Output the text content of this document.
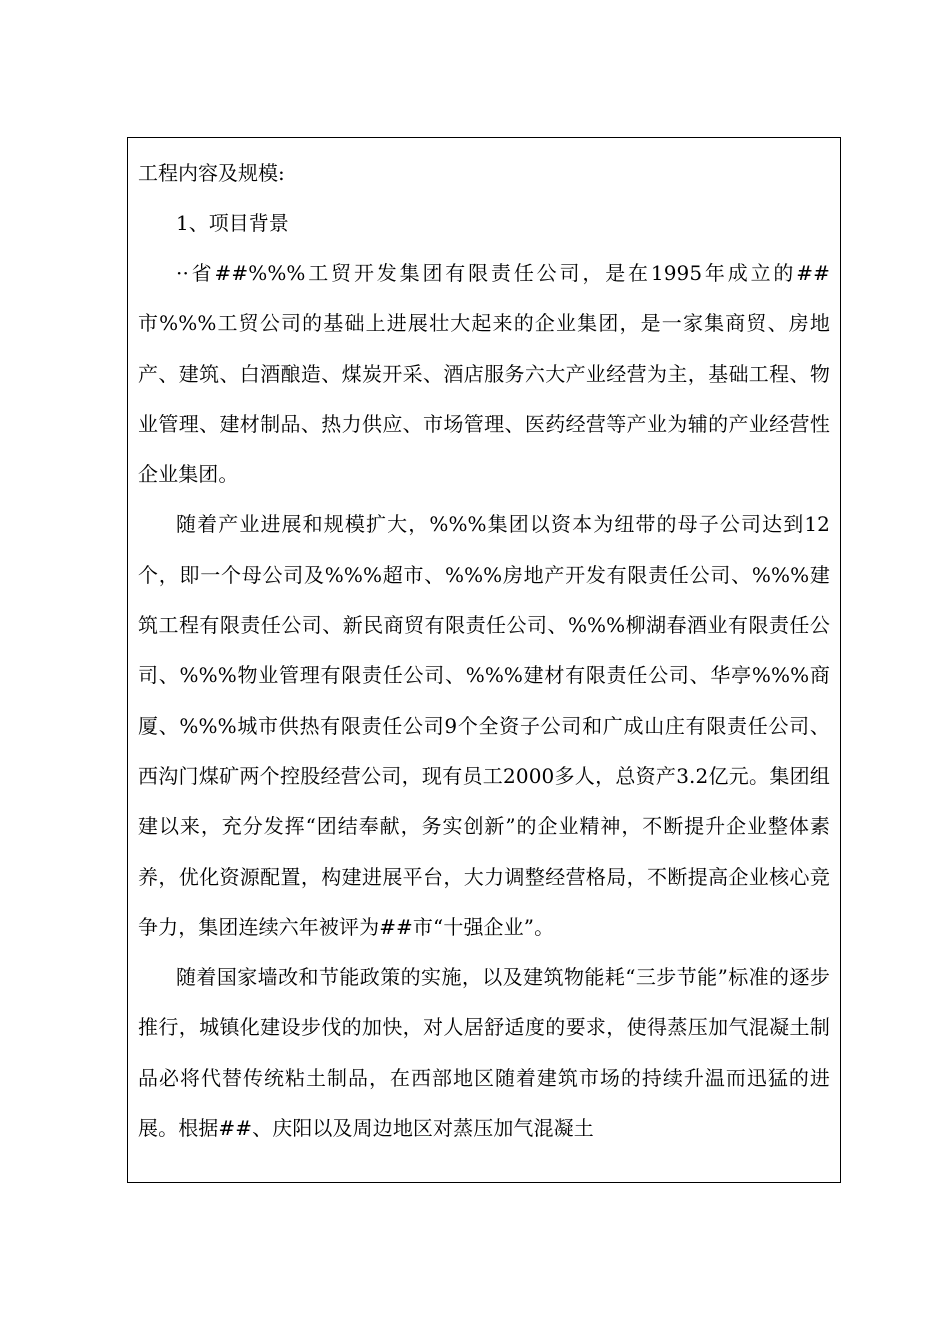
工程内容及规模:

1、项目背景

··省##%%%工贸开发集团有限责任公司，是在1995年成立的##市%%%工贸公司的基础上进展壮大起来的企业集团，是一家集商贸、房地产、建筑、白酒酿造、煤炭开采、酒店服务六大产业经营为主，基础工程、物业管理、建材制品、热力供应、市场管理、医药经营等产业为辅的产业经营性企业集团。

随着产业进展和规模扩大，%%%集团以资本为纽带的母子公司达到12个，即一个母公司及%%%超市、%%%房地产开发有限责任公司、%%%建筑工程有限责任公司、新民商贸有限责任公司、%%%柳湖春酒业有限责任公司、%%%物业管理有限责任公司、%%%建材有限责任公司、华亭%%%商厦、%%%城市供热有限责任公司9个全资子公司和广成山庄有限责任公司、西沟门煤矿两个控股经营公司，现有员工2000多人，总资产3.2亿元。集团组建以来，充分发挥“团结奉献，务实创新”的企业精神，不断提升企业整体素养，优化资源配置，构建进展平台，大力调整经营格局，不断提高企业核心竞争力，集团连续六年被评为##市“十强企业”。

随着国家墙改和节能政策的实施，以及建筑物能耗“三步节能”标准的逐步推行，城镇化建设步伐的加快，对人居舒适度的要求，使得蒸压加气混凝土制品必将代替传统粘土制品，在西部地区随着建筑市场的持续升温而迅猛的进展。根据##、庆阳以及周边地区对蒸压加气混凝土
